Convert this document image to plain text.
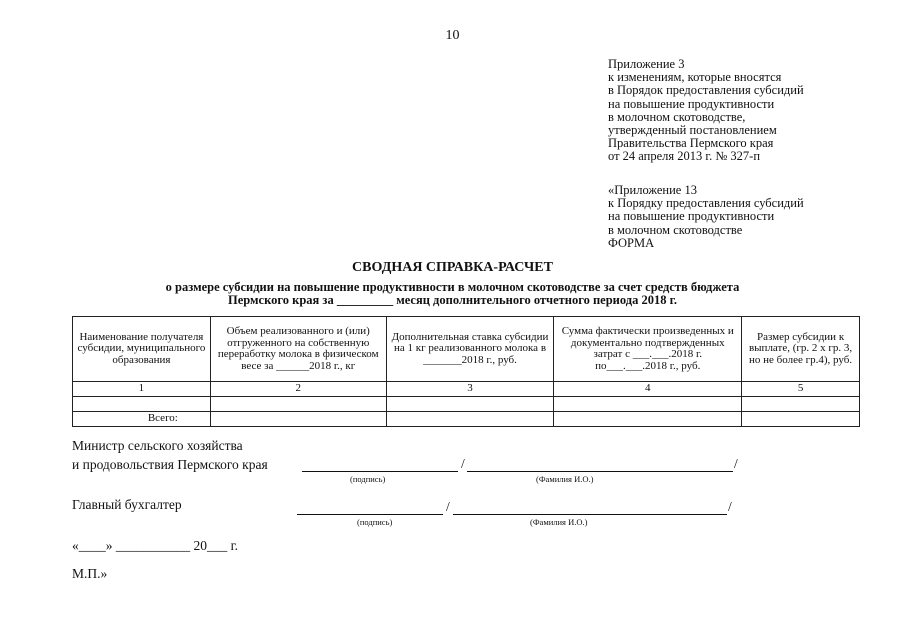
10
Приложение 3
к изменениям, которые вносятся
в Порядок предоставления субсидий
на повышение продуктивности
в молочном скотоводстве,
утвержденный постановлением
Правительства Пермского края
от 24 апреля 2013 г. № 327-п
«Приложение 13
к Порядку предоставления субсидий
на повышение продуктивности
в молочном скотоводстве
ФОРМА
СВОДНАЯ СПРАВКА-РАСЧЕТ
о размере субсидии на повышение продуктивности в молочном скотоводстве за счет средств бюджета
Пермского края за _________ месяц дополнительного отчетного периода 2018 г.
Наименование получателя субсидии, муниципального образования	Объем реализованного и (или) отгруженного на собственную переработку молока в физическом весе за ______2018 г., кг	Дополнительная ставка субсидии на 1 кг реализованного молока в _______2018 г., руб.	Сумма фактически произведенных и документально подтвержденных затрат с ___.___.2018 г. по___.___.2018 г., руб.	Размер субсидии к выплате, (гр. 2 х гр. 3, но не более гр.4), руб.
1	2	3	4	5

Всего:				
Министр сельского хозяйства
и продовольствия Пермского края	/	/
(подпись)	(Фамилия И.О.)
Главный бухгалтер	/	/
(подпись)	(Фамилия И.О.)
«____» ___________ 20___ г.
М.П.»
